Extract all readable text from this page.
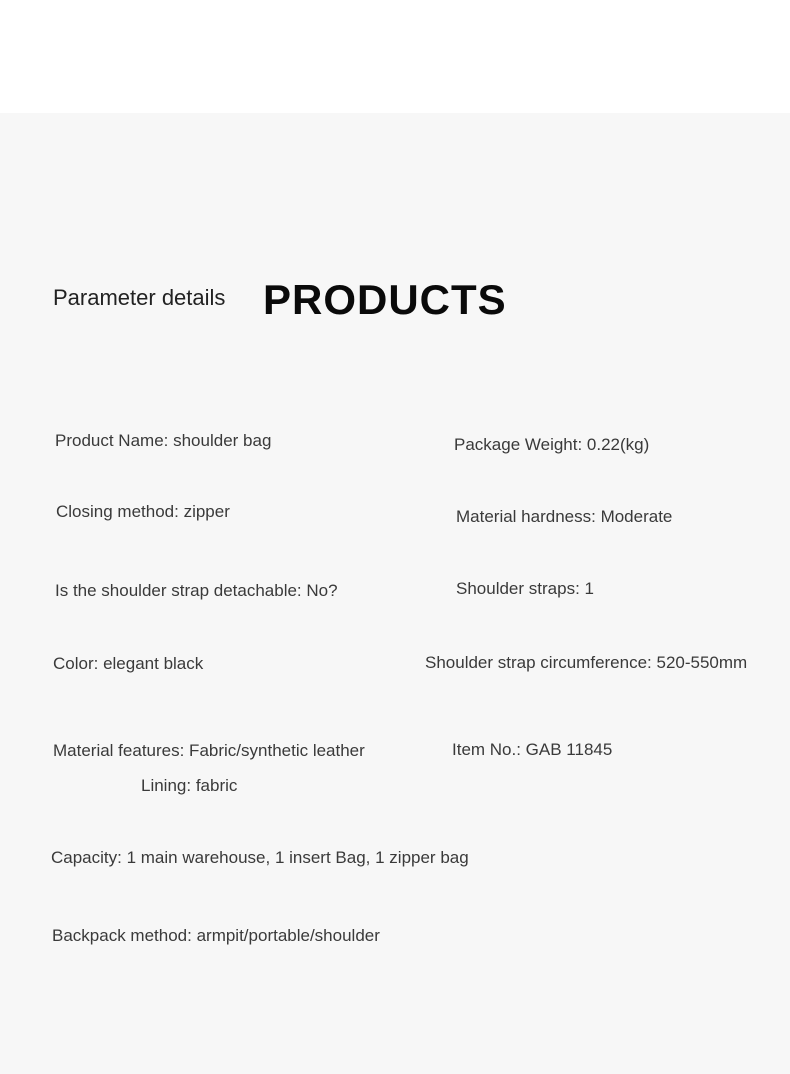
Parameter details PRODUCTS
Product Name: shoulder bag	Package Weight: 0.22(kg)
Closing method: zipper	Material hardness: Moderate
Is the shoulder strap detachable: No?	Shoulder straps: 1
Color: elegant black	Shoulder strap circumference: 520-550mm
Material features: Fabric/synthetic leather	Item No.: GAB 11845
Lining: fabric
Capacity: 1 main warehouse, 1 insert Bag, 1 zipper bag
Backpack method: armpit/portable/shoulder
